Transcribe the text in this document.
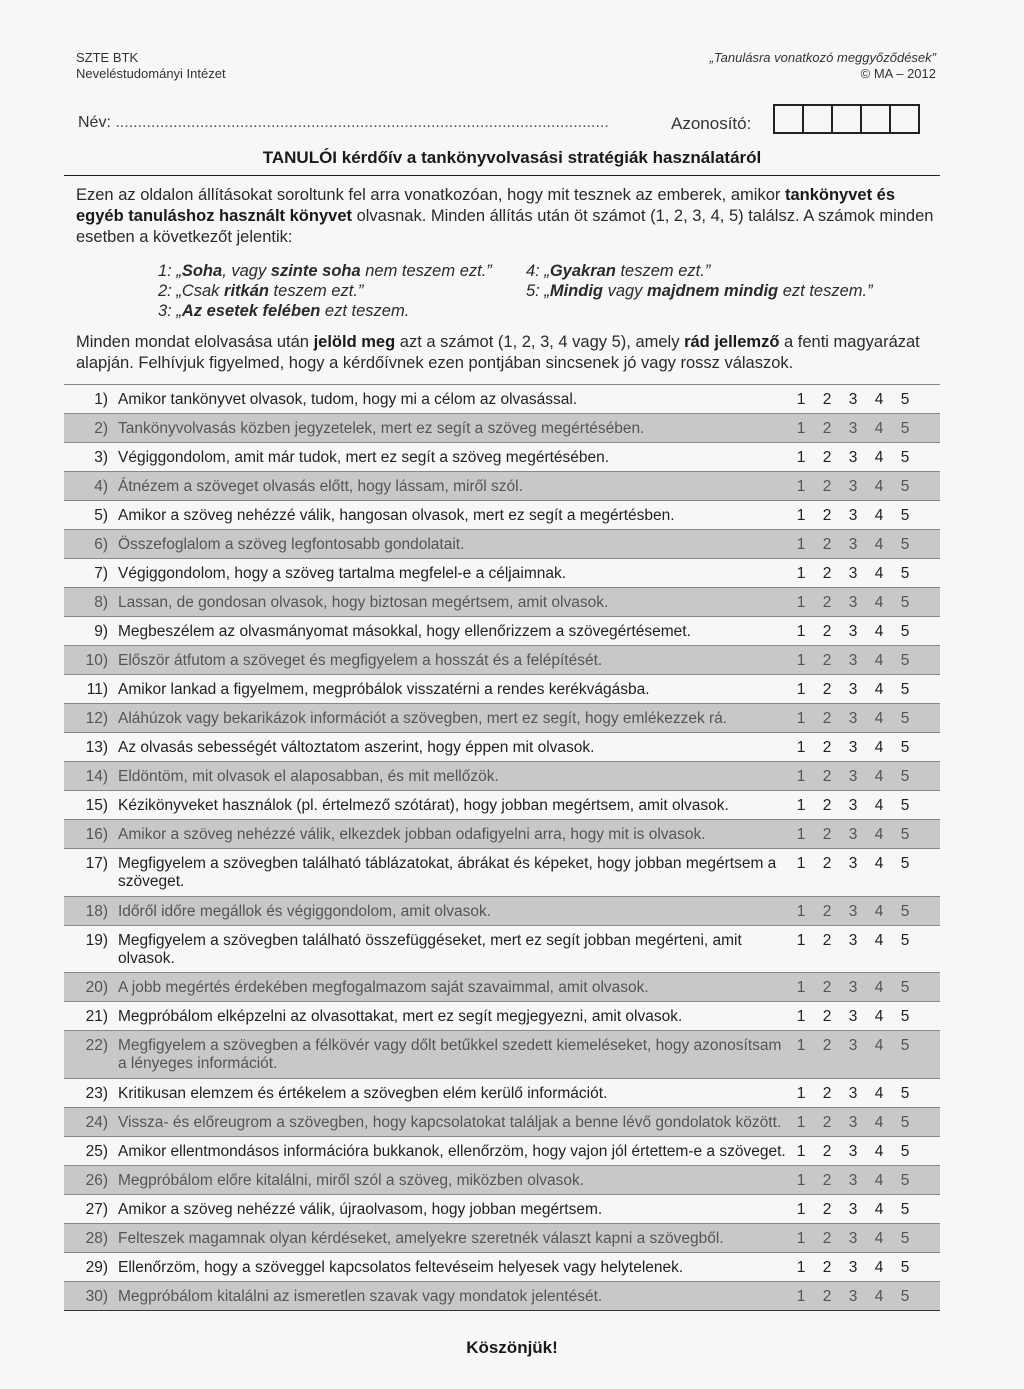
SZTE BTK
Neveléstudományi Intézet
„Tanulásra vonatkozó meggyőződések”
© MA – 2012
Név: ...............................................................................................................	Azonosító:
TANULÓI kérdőív a tankönyvolvasási stratégiák használatáról
Ezen az oldalon állításokat soroltunk fel arra vonatkozóan, hogy mit tesznek az emberek, amikor tankönyvet és egyéb tanuláshoz használt könyvet olvasnak. Minden állítás után öt számot (1, 2, 3, 4, 5) találsz. A számok minden esetben a következőt jelentik:
1: „Soha, vagy szinte soha nem teszem ezt.”
2: „Csak ritkán teszem ezt.”
3: „Az esetek felében ezt teszem.
4: „Gyakran teszem ezt.”
5: „Mindig vagy majdnem mindig ezt teszem.”
Minden mondat elolvasása után jelöld meg azt a számot (1, 2, 3, 4 vagy 5), amely rád jellemző a fenti magyarázat alapján. Felhívjuk figyelmed, hogy a kérdőívnek ezen pontjában sincsenek jó vagy rossz válaszok.
1)	Amikor tankönyvet olvasok, tudom, hogy mi a célom az olvasással.	1	2	3	4	5	
2)	Tankönyvolvasás közben jegyzetelek, mert ez segít a szöveg megértésében.	1	2	3	4	5	
3)	Végiggondolom, amit már tudok, mert ez segít a szöveg megértésében.	1	2	3	4	5	
4)	Átnézem a szöveget olvasás előtt, hogy lássam, miről szól.	1	2	3	4	5	
5)	Amikor a szöveg nehézzé válik, hangosan olvasok, mert ez segít a megértésben.	1	2	3	4	5	
6)	Összefoglalom a szöveg legfontosabb gondolatait.	1	2	3	4	5	
7)	Végiggondolom, hogy a szöveg tartalma megfelel-e a céljaimnak.	1	2	3	4	5	
8)	Lassan, de gondosan olvasok, hogy biztosan megértsem, amit olvasok.	1	2	3	4	5	
9)	Megbeszélem az olvasmányomat másokkal, hogy ellenőrizzem a szövegértésemet.	1	2	3	4	5	
10)	Először átfutom a szöveget és megfigyelem a hosszát és a felépítését.	1	2	3	4	5	
11)	Amikor lankad a figyelmem, megpróbálok visszatérni a rendes kerékvágásba.	1	2	3	4	5	
12)	Aláhúzok vagy bekarikázok információt a szövegben, mert ez segít, hogy emlékezzek rá.	1	2	3	4	5	
13)	Az olvasás sebességét változtatom aszerint, hogy éppen mit olvasok.	1	2	3	4	5	
14)	Eldöntöm, mit olvasok el alaposabban, és mit mellőzök.	1	2	3	4	5	
15)	Kézikönyveket használok (pl. értelmező szótárat), hogy jobban megértsem, amit olvasok.	1	2	3	4	5	
16)	Amikor a szöveg nehézzé válik, elkezdek jobban odafigyelni arra, hogy mit is olvasok.	1	2	3	4	5	
17)	Megfigyelem a szövegben található táblázatokat, ábrákat és képeket, hogy jobban megértsem a szöveget.	1	2	3	4	5	
18)	Időről időre megállok és végiggondolom, amit olvasok.	1	2	3	4	5	
19)	Megfigyelem a szövegben található összefüggéseket, mert ez segít jobban megérteni, amit olvasok.	1	2	3	4	5	
20)	A jobb megértés érdekében megfogalmazom saját szavaimmal, amit olvasok.	1	2	3	4	5	
21)	Megpróbálom elképzelni az olvasottakat, mert ez segít megjegyezni, amit olvasok.	1	2	3	4	5	
22)	Megfigyelem a szövegben a félkövér vagy dőlt betűkkel szedett kiemeléseket, hogy azonosítsam a lényeges információt.	1	2	3	4	5	
23)	Kritikusan elemzem és értékelem a szövegben elém kerülő információt.	1	2	3	4	5	
24)	Vissza- és előreugrom a szövegben, hogy kapcsolatokat találjak a benne lévő gondolatok között.	1	2	3	4	5	
25)	Amikor ellentmondásos információra bukkanok, ellenőrzöm, hogy vajon jól értettem-e a szöveget.	1	2	3	4	5	
26)	Megpróbálom előre kitalálni, miről szól a szöveg, miközben olvasok.	1	2	3	4	5	
27)	Amikor a szöveg nehézzé válik, újraolvasom, hogy jobban megértsem.	1	2	3	4	5	
28)	Felteszek magamnak olyan kérdéseket, amelyekre szeretnék választ kapni a szövegből.	1	2	3	4	5	
29)	Ellenőrzöm, hogy a szöveggel kapcsolatos feltevéseim helyesek vagy helytelenek.	1	2	3	4	5	
30)	Megpróbálom kitalálni az ismeretlen szavak vagy mondatok jelentését.	1	2	3	4	5	
Köszönjük!
